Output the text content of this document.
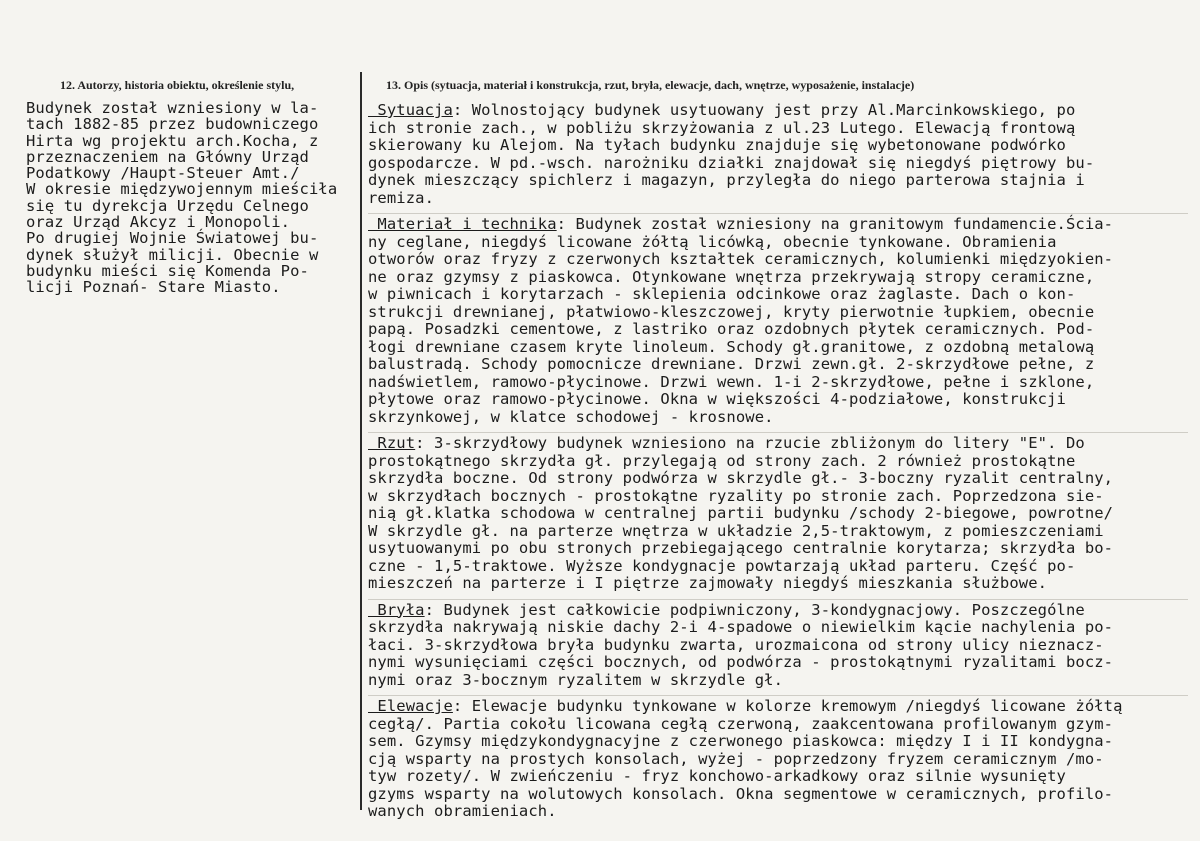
12. Autorzy, historia obiektu, określenie stylu,	13. Opis (sytuacja, materiał i konstrukcja, rzut, bryła, elewacje, dach, wnętrze, wyposażenie, instalacje)
Budynek został wzniesiony w la-
tach 1882-85 przez budowniczego
Hirta wg projektu arch.Kocha, z
przeznaczeniem na Główny Urząd
Podatkowy /Haupt-Steuer Amt./
W okresie międzywojennym mieściła
się tu dyrekcja Urzędu Celnego
oraz Urząd Akcyz i Monopoli.
Po drugiej Wojnie Światowej bu-
dynek służył milicji. Obecnie w
budynku mieści się Komenda Po-
licji Poznań- Stare Miasto.
Sytuacja: Wolnostojący budynek usytuowany jest przy Al.Marcinkowskiego, po
ich stronie zach., w pobliżu skrzyżowania z ul.23 Lutego. Elewacją frontową
skierowany ku Alejom. Na tyłach budynku znajduje się wybetonowane podwórko
gospodarcze. W pd.-wsch. narożniku działki znajdował się niegdyś piętrowy bu-
dynek mieszczący spichlerz i magazyn, przyległa do niego parterowa stajnia i
remiza.
Materiał i technika: Budynek został wzniesiony na granitowym fundamencie.Ścia-
ny ceglane, niegdyś licowane żółtą licówką, obecnie tynkowane. Obramienia
otworów oraz fryzy z czerwonych kształtek ceramicznych, kolumienki międzyokien-
ne oraz gzymsy z piaskowca. Otynkowane wnętrza przekrywają stropy ceramiczne,
w piwnicach i korytarzach - sklepienia odcinkowe oraz żaglaste. Dach o kon-
strukcji drewnianej, płatwiowo-kleszczowej, kryty pierwotnie łupkiem, obecnie
papą. Posadzki cementowe, z lastriko oraz ozdobnych płytek ceramicznych. Pod-
łogi drewniane czasem kryte linoleum. Schody gł.granitowe, z ozdobną metalową
balustradą. Schody pomocnicze drewniane. Drzwi zewn.gł. 2-skrzydłowe pełne, z
nadświetlem, ramowo-płycinowe. Drzwi wewn. 1-i 2-skrzydłowe, pełne i szklone,
płytowe oraz ramowo-płycinowe. Okna w większości 4-podziałowe, konstrukcji
skrzynkowej, w klatce schodowej - krosnowe.
Rzut: 3-skrzydłowy budynek wzniesiono na rzucie zbliżonym do litery "E". Do
prostokątnego skrzydła gł. przylegają od strony zach. 2 również prostokątne
skrzydła boczne. Od strony podwórza w skrzydle gł.- 3-boczny ryzalit centralny,
w skrzydłach bocznych - prostokątne ryzality po stronie zach. Poprzedzona sie-
nią gł.klatka schodowa w centralnej partii budynku /schody 2-biegowe, powrotne/
W skrzydle gł. na parterze wnętrza w układzie 2,5-traktowym, z pomieszczeniami
usytuowanymi po obu stronych przebiegającego centralnie korytarza; skrzydła bo-
czne - 1,5-traktowe. Wyższe kondygnacje powtarzają układ parteru. Część po-
mieszczeń na parterze i I piętrze zajmowały niegdyś mieszkania służbowe.
Bryła: Budynek jest całkowicie podpiwniczony, 3-kondygnacjowy. Poszczególne
skrzydła nakrywają niskie dachy 2-i 4-spadowe o niewielkim kącie nachylenia po-
łaci. 3-skrzydłowa bryła budynku zwarta, urozmaicona od strony ulicy nieznacz-
nymi wysunięciami części bocznych, od podwórza - prostokątnymi ryzalitami bocz-
nymi oraz 3-bocznym ryzalitem w skrzydle gł.
Elewacje: Elewacje budynku tynkowane w kolorze kremowym /niegdyś licowane żółtą
cegłą/. Partia cokołu licowana cegłą czerwoną, zaakcentowana profilowanym gzym-
sem. Gzymsy międzykondygnacyjne z czerwonego piaskowca: między I i II kondygna-
cją wsparty na prostych konsolach, wyżej - poprzedzony fryzem ceramicznym /mo-
tyw rozety/. W zwieńczeniu - fryz konchowo-arkadkowy oraz silnie wysunięty
gzyms wsparty na wolutowych konsolach. Okna segmentowe w ceramicznych, profilo-
wanych obramieniach.
